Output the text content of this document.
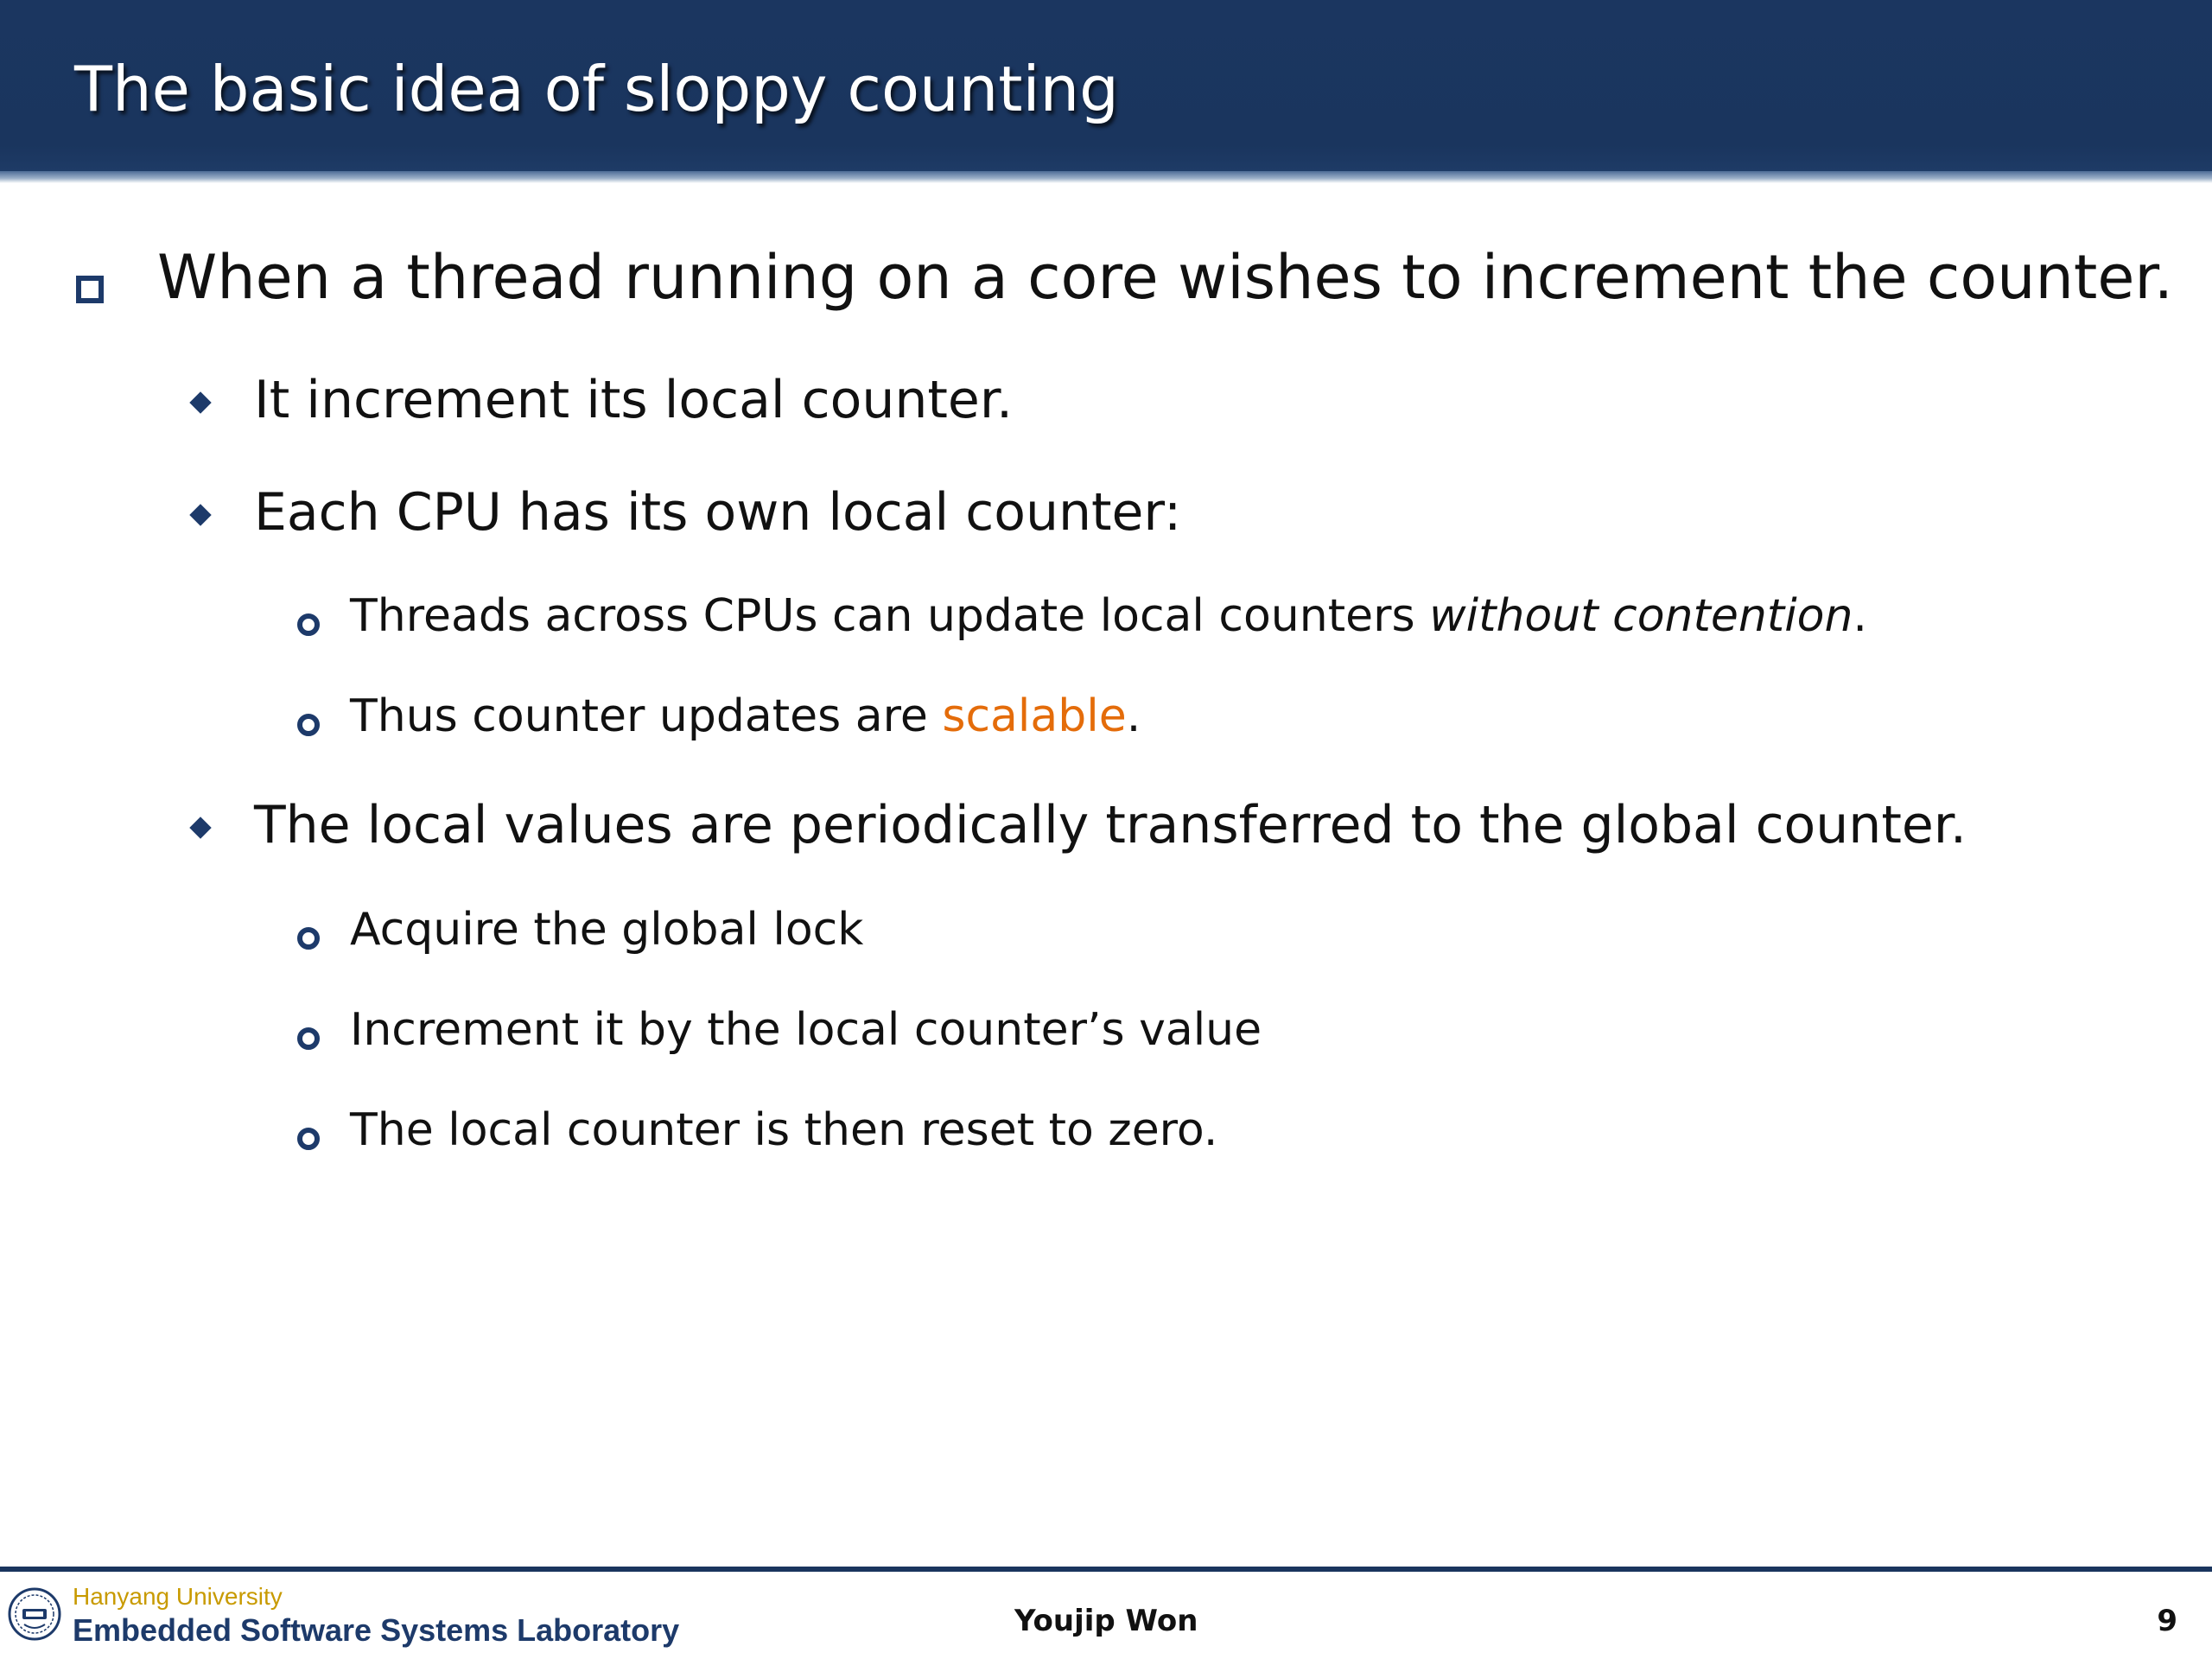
The basic idea of sloppy counting
When a thread running on a core wishes to increment the counter.
It increment its local counter.
Each CPU has its own local counter:
Threads across CPUs can update local counters without contention.
Thus counter updates are scalable.
The local values are periodically transferred to the global counter.
Acquire the global lock
Increment it by the local counter’s value
The local counter is then reset to zero.
Hanyang University
Embedded Software Systems Laboratory	Youjip Won	9
